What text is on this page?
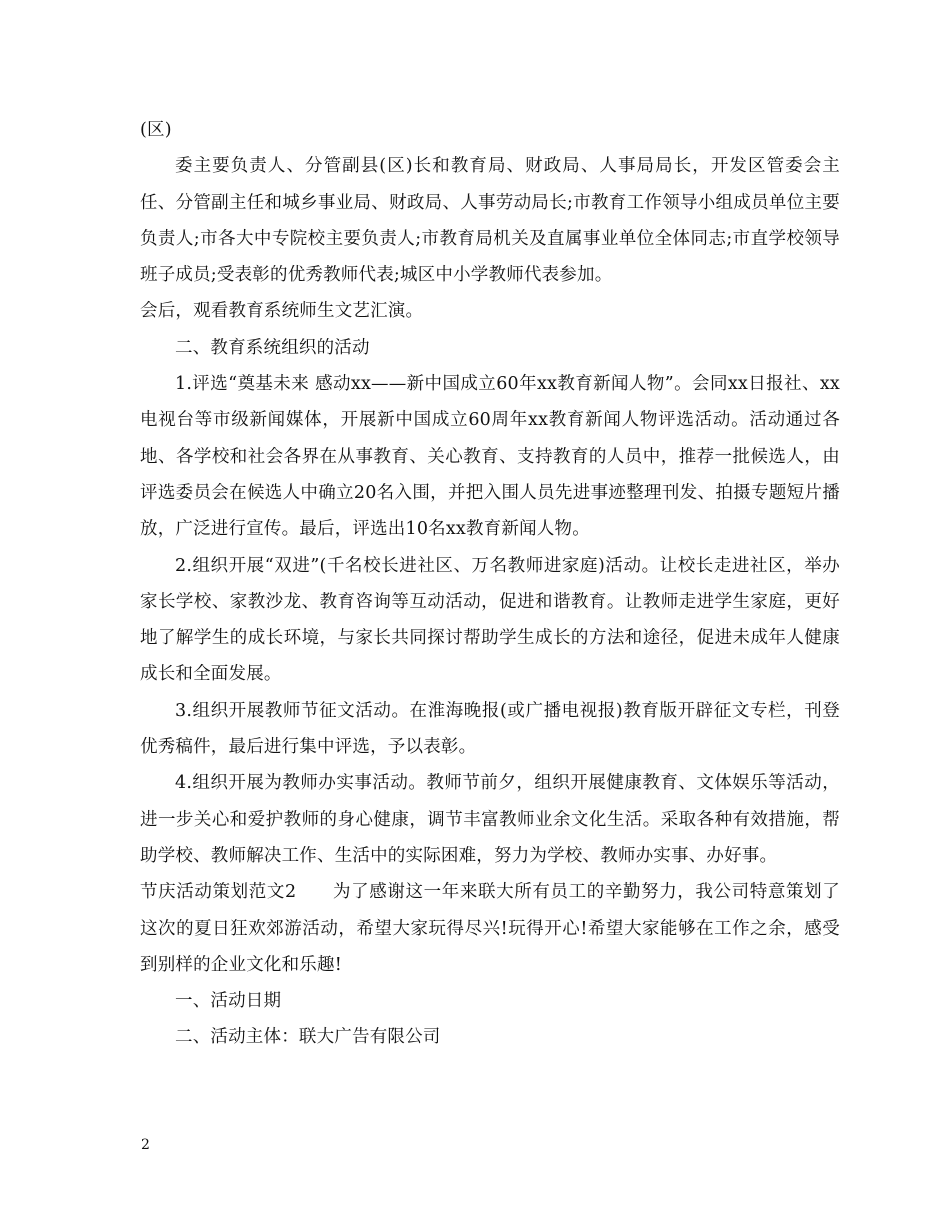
(区)

委主要负责人、分管副县(区)长和教育局、财政局、人事局局长，开发区管委会主任、分管副主任和城乡事业局、财政局、人事劳动局长;市教育工作领导小组成员单位主要负责人;市各大中专院校主要负责人;市教育局机关及直属事业单位全体同志;市直学校领导班子成员;受表彰的优秀教师代表;城区中小学教师代表参加。

会后，观看教育系统师生文艺汇演。

二、教育系统组织的活动

1.评选“奠基未来 感动xx——新中国成立60年xx教育新闻人物”。会同xx日报社、xx电视台等市级新闻媒体，开展新中国成立60周年xx教育新闻人物评选活动。活动通过各地、各学校和社会各界在从事教育、关心教育、支持教育的人员中，推荐一批候选人，由评选委员会在候选人中确立20名入围，并把入围人员先进事迹整理刊发、拍摄专题短片播放，广泛进行宣传。最后，评选出10名xx教育新闻人物。

2.组织开展“双进”(千名校长进社区、万名教师进家庭)活动。让校长走进社区，举办家长学校、家教沙龙、教育咨询等互动活动，促进和谐教育。让教师走进学生家庭，更好地了解学生的成长环境，与家长共同探讨帮助学生成长的方法和途径，促进未成年人健康成长和全面发展。

3.组织开展教师节征文活动。在淮海晚报(或广播电视报)教育版开辟征文专栏，刊登优秀稿件，最后进行集中评选，予以表彰。

4.组织开展为教师办实事活动。教师节前夕，组织开展健康教育、文体娱乐等活动，进一步关心和爱护教师的身心健康，调节丰富教师业余文化生活。采取各种有效措施，帮助学校、教师解决工作、生活中的实际困难，努力为学校、教师办实事、办好事。

节庆活动策划范文2　　为了感谢这一年来联大所有员工的辛勤努力，我公司特意策划了这次的夏日狂欢郊游活动，希望大家玩得尽兴!玩得开心!希望大家能够在工作之余，感受到别样的企业文化和乐趣!

一、活动日期

二、活动主体：联大广告有限公司

2
